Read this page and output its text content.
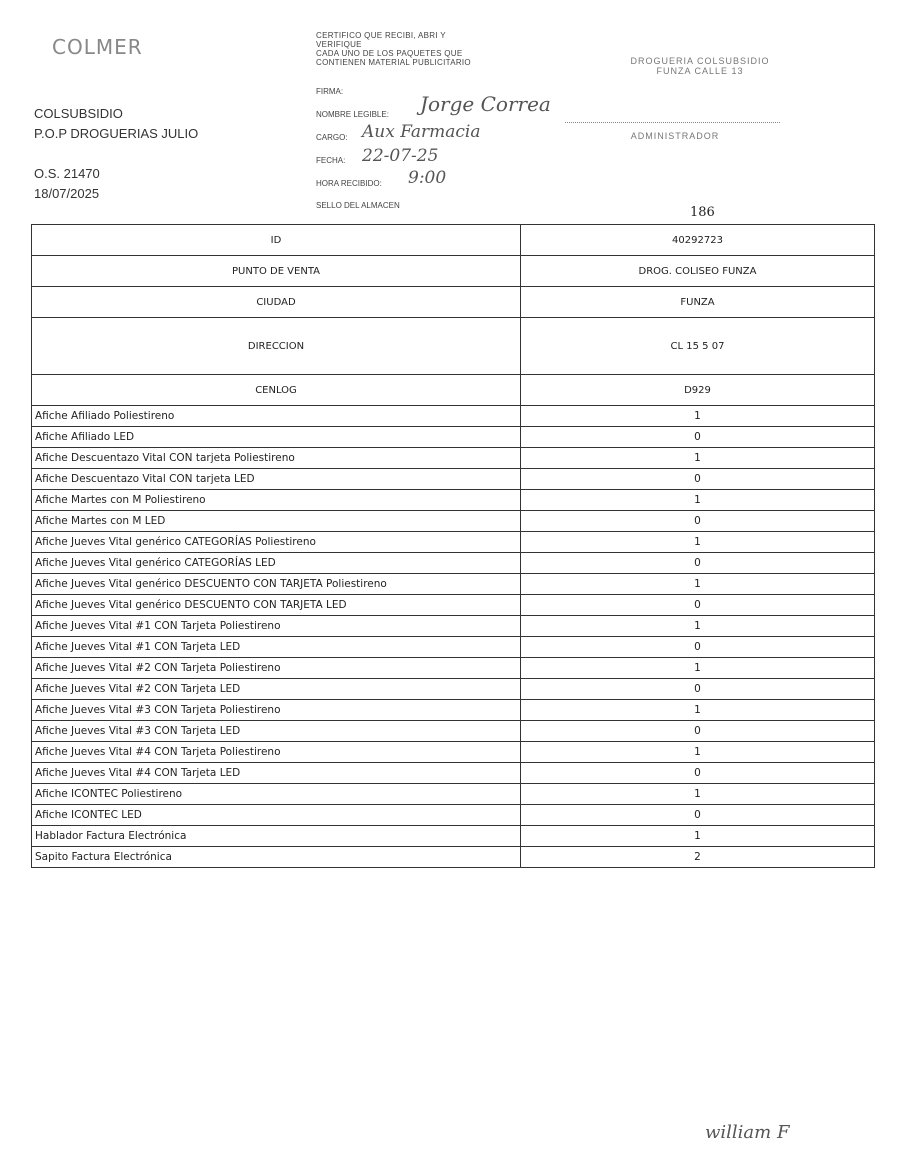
COLMER
COLSUBSIDIO
P.O.P DROGUERIAS JULIO
O.S. 21470
18/07/2025
CERTIFICO QUE RECIBI, ABRI Y
VERIFIQUE
CADA UNO DE LOS PAQUETES QUE
CONTIENEN MATERIAL PUBLICITARIO
FIRMA:
NOMBRE LEGIBLE: Jorge Correa
CARGO: Aux Farmacia
FECHA: 22-07-25
HORA RECIBIDO: 9:00
SELLO DEL ALMACEN
DROGUERIA COLSUBSIDIO
FUNZA CALLE 13
ADMINISTRADOR
186
ID	40292723
PUNTO DE VENTA	DROG. COLISEO FUNZA
CIUDAD	FUNZA
DIRECCION	CL 15 5 07
CENLOG	D929
Afiche Afiliado Poliestireno	1
Afiche Afiliado LED	0
Afiche Descuentazo Vital CON tarjeta Poliestireno	1
Afiche Descuentazo Vital CON tarjeta LED	0
Afiche Martes con M Poliestireno	1
Afiche Martes con M LED	0
Afiche Jueves Vital genérico CATEGORÍAS Poliestireno	1
Afiche Jueves Vital genérico CATEGORÍAS LED	0
Afiche Jueves Vital genérico DESCUENTO CON TARJETA Poliestireno	1
Afiche Jueves Vital genérico DESCUENTO CON TARJETA LED	0
Afiche Jueves Vital #1 CON Tarjeta Poliestireno	1
Afiche Jueves Vital #1 CON Tarjeta LED	0
Afiche Jueves Vital #2 CON Tarjeta Poliestireno	1
Afiche Jueves Vital #2 CON Tarjeta LED	0
Afiche Jueves Vital #3 CON Tarjeta Poliestireno	1
Afiche Jueves Vital #3 CON Tarjeta LED	0
Afiche Jueves Vital #4 CON Tarjeta Poliestireno	1
Afiche Jueves Vital #4 CON Tarjeta LED	0
Afiche ICONTEC Poliestireno	1
Afiche ICONTEC LED	0
Hablador Factura Electrónica	1
Sapito Factura Electrónica	2
william F
